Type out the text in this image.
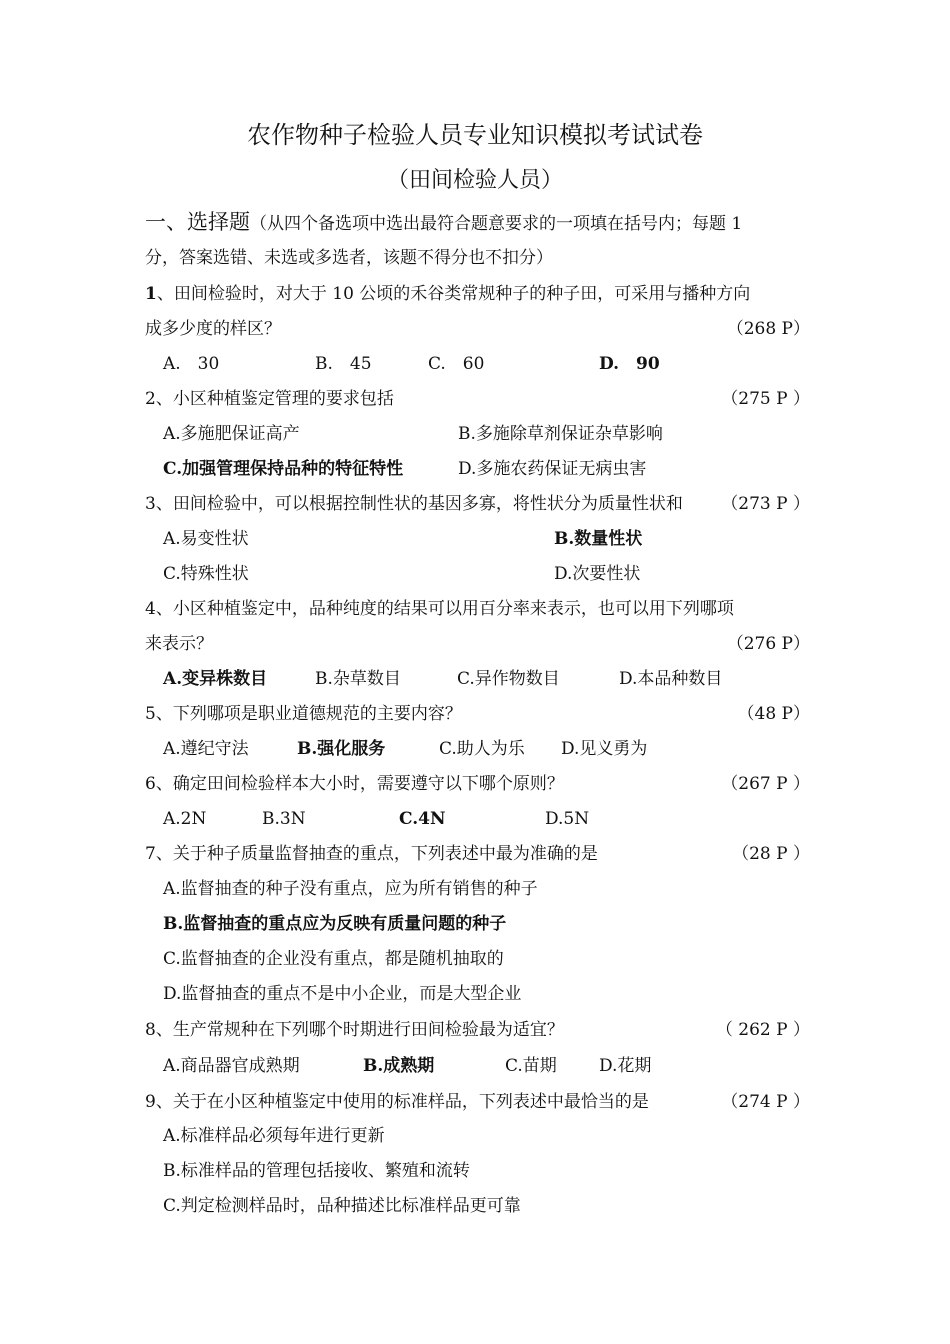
农作物种子检验人员专业知识模拟考试试卷
（田间检验人员）
一、选择题（从四个备选项中选出最符合题意要求的一项填在括号内；每题 1
分，答案选错、未选或多选者，该题不得分也不扣分）
1、田间检验时，对大于 10 公顷的禾谷类常规种子的种子田，可采用与播种方向
成多少度的样区？	（268 P）
A.　30	B.　45	C.　60	D.　90
2、小区种植鉴定管理的要求包括	（275 P ）
A.多施肥保证高产	B.多施除草剂保证杂草影响
C.加强管理保持品种的特征特性	D.多施农药保证无病虫害
3、田间检验中，可以根据控制性状的基因多寡，将性状分为质量性状和 （273 P ）
A.易变性状	B.数量性状
C.特殊性状	D.次要性状
4、小区种植鉴定中，品种纯度的结果可以用百分率来表示，也可以用下列哪项
来表示？	（276 P）
A.变异株数目	B.杂草数目	C.异作物数目	D.本品种数目
5、下列哪项是职业道德规范的主要内容？	（48 P）
A.遵纪守法	B.强化服务	C.助人为乐 D.见义勇为
6、确定田间检验样本大小时，需要遵守以下哪个原则？	（267 P ）
A.2N	B.3N	C.4N	D.5N
7、关于种子质量监督抽查的重点，下列表述中最为准确的是	（28 P ）
A.监督抽查的种子没有重点，应为所有销售的种子
B.监督抽查的重点应为反映有质量问题的种子
C.监督抽查的企业没有重点，都是随机抽取的
D.监督抽查的重点不是中小企业，而是大型企业
8、生产常规种在下列哪个时期进行田间检验最为适宜？	（ 262 P ）
A.商品器官成熟期	B.成熟期	C.苗期 D.花期
9、关于在小区种植鉴定中使用的标准样品，下列表述中最恰当的是	（274 P ）
A.标准样品必须每年进行更新
B.标准样品的管理包括接收、繁殖和流转
C.判定检测样品时，品种描述比标准样品更可靠
